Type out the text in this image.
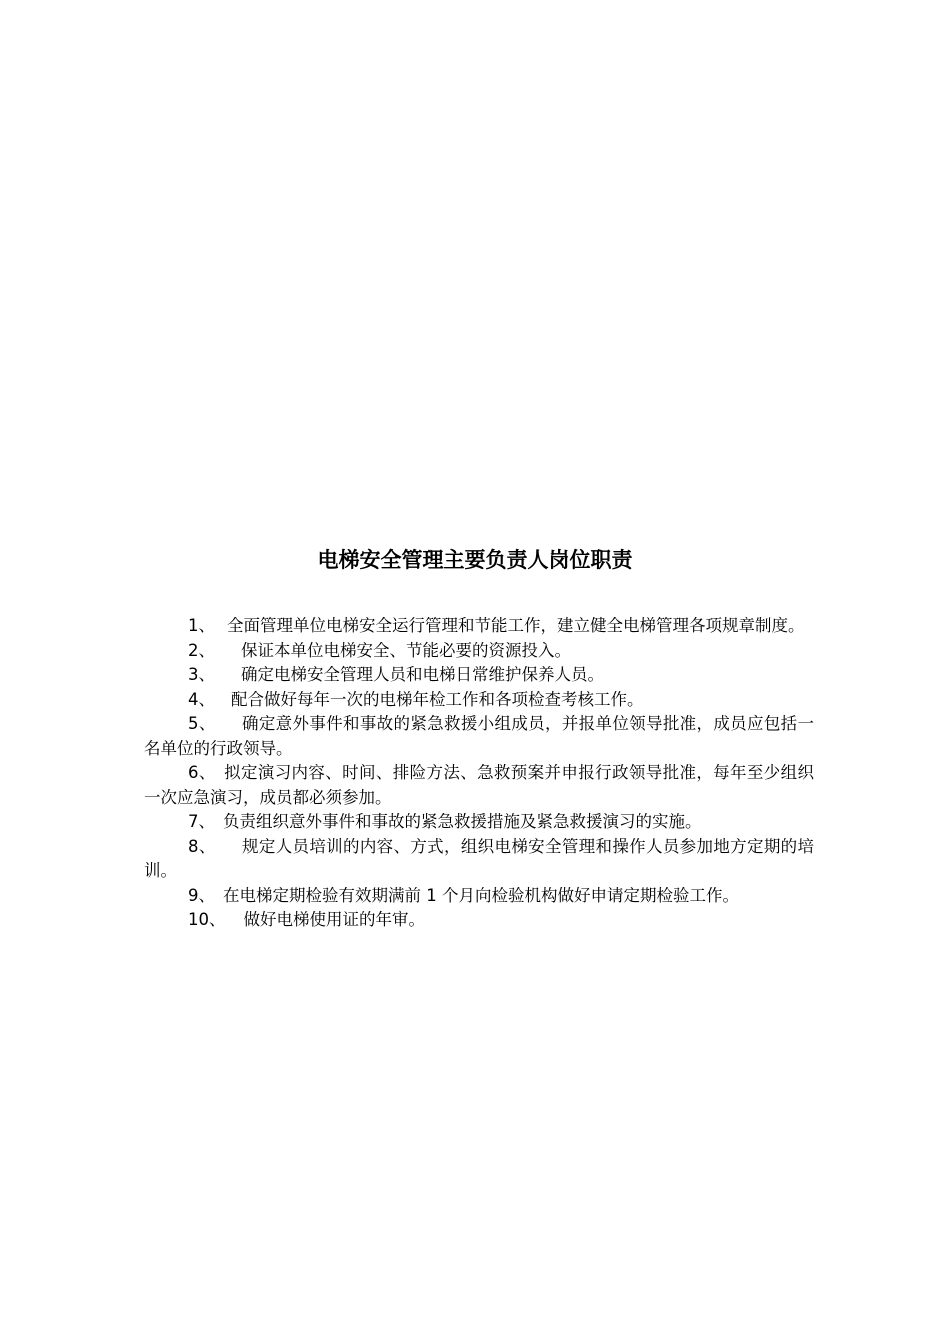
电梯安全管理主要负责人岗位职责
1、 全面管理单位电梯安全运行管理和节能工作，建立健全电梯管理各项规章制度。
2、 保证本单位电梯安全、节能必要的资源投入。
3、 确定电梯安全管理人员和电梯日常维护保养人员。
4、 配合做好每年一次的电梯年检工作和各项检查考核工作。
5、 确定意外事件和事故的紧急救援小组成员，并报单位领导批准，成员应包括一名单位的行政领导。
6、 拟定演习内容、时间、排险方法、急救预案并申报行政领导批准，每年至少组织一次应急演习，成员都必须参加。
7、 负责组织意外事件和事故的紧急救援措施及紧急救援演习的实施。
8、 规定人员培训的内容、方式，组织电梯安全管理和操作人员参加地方定期的培训。
9、 在电梯定期检验有效期满前 1 个月向检验机构做好申请定期检验工作。
10、 做好电梯使用证的年审。
